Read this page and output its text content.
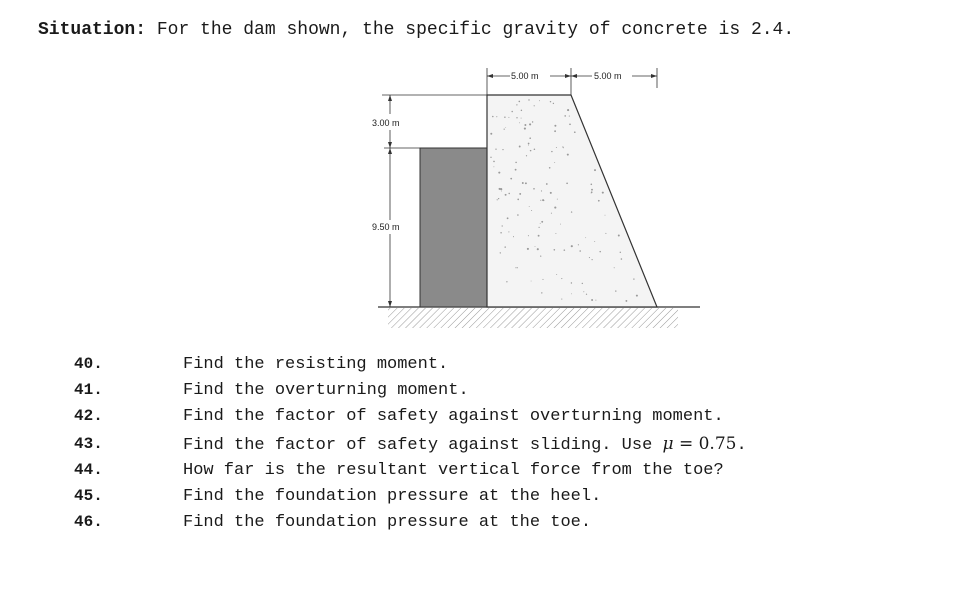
Situation: For the dam shown, the specific gravity of concrete is 2.4.
5.00 m	5.00 m
3.00 m
9.50 m
40.	Find the resisting moment.
41.	Find the overturning moment.
42.	Find the factor of safety against overturning moment.
43.	Find the factor of safety against sliding. Use μ = 0.75.
44.	How far is the resultant vertical force from the toe?
45.	Find the foundation pressure at the heel.
46.	Find the foundation pressure at the toe.
